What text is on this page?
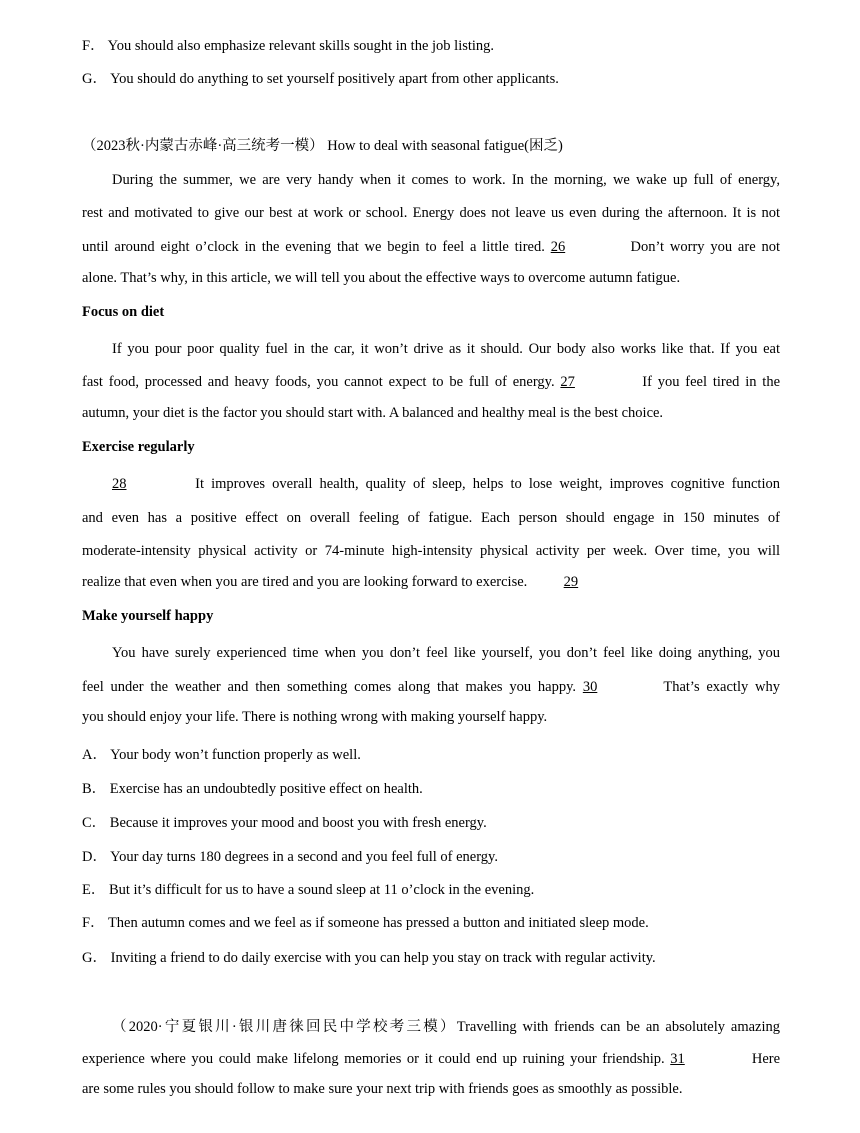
F． You should also emphasize relevant skills sought in the job listing.
G． You should do anything to set yourself positively apart from other applicants.
（2023秋·内蒙古赤峰·高三统考一模） How to deal with seasonal fatigue(困乏)
During the summer, we are very handy when it comes to work. In the morning, we wake up full of energy,
rest and motivated to give our best at work or school. Energy does not leave us even during the afternoon. It is not
until around eight o’clock in the evening that we begin to feel a little tired. 26	Don’t worry you are not
alone. That’s why, in this article, we will tell you about the effective ways to overcome autumn fatigue.
Focus on diet
If you pour poor quality fuel in the car, it won’t drive as it should. Our body also works like that. If you eat
fast food, processed and heavy foods, you cannot expect to be full of energy. 27	If you feel tired in the
autumn, your diet is the factor you should start with. A balanced and healthy meal is the best choice.
Exercise regularly
28	It improves overall health, quality of sleep, helps to lose weight, improves cognitive function
and even has a positive effect on overall feeling of fatigue. Each person should engage in 150 minutes of
moderate-intensity physical activity or 74-minute high-intensity physical activity per week. Over time, you will
realize that even when you are tired and you are looking forward to exercise.	29
Make yourself happy
You have surely experienced time when you don’t feel like yourself, you don’t feel like doing anything, you
feel under the weather and then something comes along that makes you happy. 30	That’s exactly why
you should enjoy your life. There is nothing wrong with making yourself happy.
A． Your body won’t function properly as well.
B． Exercise has an undoubtedly positive effect on health.
C． Because it improves your mood and boost you with fresh energy.
D． Your day turns 180 degrees in a second and you feel full of energy.
E． But it’s difficult for us to have a sound sleep at 11 o’clock in the evening.
F． Then autumn comes and we feel as if someone has pressed a button and initiated sleep mode.
G． Inviting a friend to do daily exercise with you can help you stay on track with regular activity.
（2020·宁夏银川·银川唐徕回民中学校考三模）Travelling with friends can be an absolutely amazing
experience where you could make lifelong memories or it could end up ruining your friendship. 31	Here
are some rules you should follow to make sure your next trip with friends goes as smoothly as possible.
